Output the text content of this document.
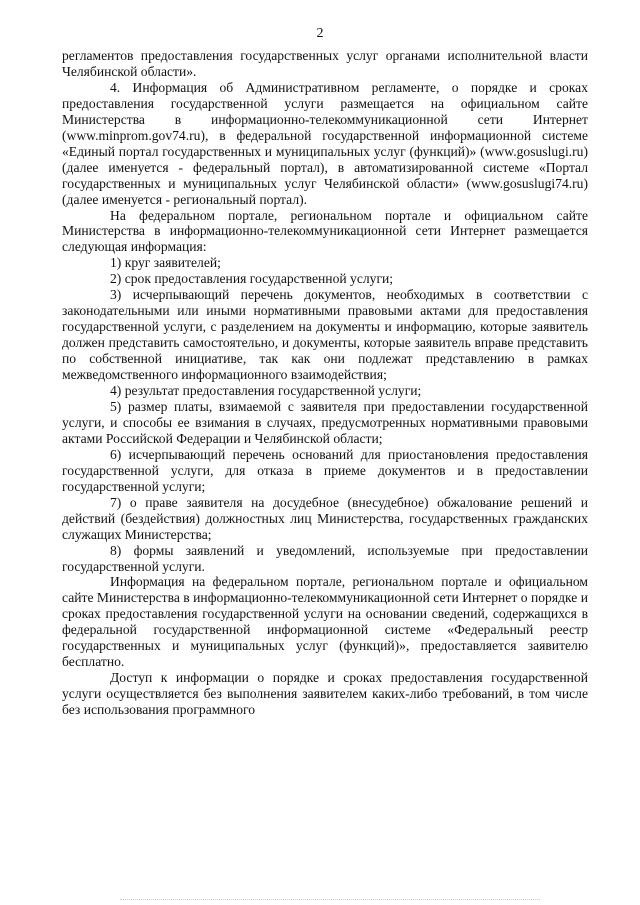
2

регламентов предоставления государственных услуг органами исполнительной власти Челябинской области».

4. Информация об Административном регламенте, о порядке и сроках предоставления государственной услуги размещается на официальном сайте Министерства в информационно-телекоммуникационной сети Интернет (www.minprom.gov74.ru), в федеральной государственной информационной системе «Единый портал государственных и муниципальных услуг (функций)» (www.gosuslugi.ru) (далее именуется - федеральный портал), в автоматизированной системе «Портал государственных и муниципальных услуг Челябинской области» (www.gosuslugi74.ru) (далее именуется - региональный портал).

На федеральном портале, региональном портале и официальном сайте Министерства в информационно-телекоммуникационной сети Интернет размещается следующая информация:

1) круг заявителей;

2) срок предоставления государственной услуги;

3) исчерпывающий перечень документов, необходимых в соответствии с законодательными или иными нормативными правовыми актами для предоставления государственной услуги, с разделением на документы и информацию, которые заявитель должен представить самостоятельно, и документы, которые заявитель вправе представить по собственной инициативе, так как они подлежат представлению в рамках межведомственного информационного взаимодействия;

4) результат предоставления государственной услуги;

5) размер платы, взимаемой с заявителя при предоставлении государственной услуги, и способы ее взимания в случаях, предусмотренных нормативными правовыми актами Российской Федерации и Челябинской области;

6) исчерпывающий перечень оснований для приостановления предоставления государственной услуги, для отказа в приеме документов и в предоставлении государственной услуги;

7) о праве заявителя на досудебное (внесудебное) обжалование решений и действий (бездействия) должностных лиц Министерства, государственных гражданских служащих Министерства;

8) формы заявлений и уведомлений, используемые при предоставлении государственной услуги.

Информация на федеральном портале, региональном портале и официальном сайте Министерства в информационно-телекоммуникационной сети Интернет о порядке и сроках предоставления государственной услуги на основании сведений, содержащихся в федеральной государственной информационной системе «Федеральный реестр государственных и муниципальных услуг (функций)», предоставляется заявителю бесплатно.

Доступ к информации о порядке и сроках предоставления государственной услуги осуществляется без выполнения заявителем каких-либо требований, в том числе без использования программного
